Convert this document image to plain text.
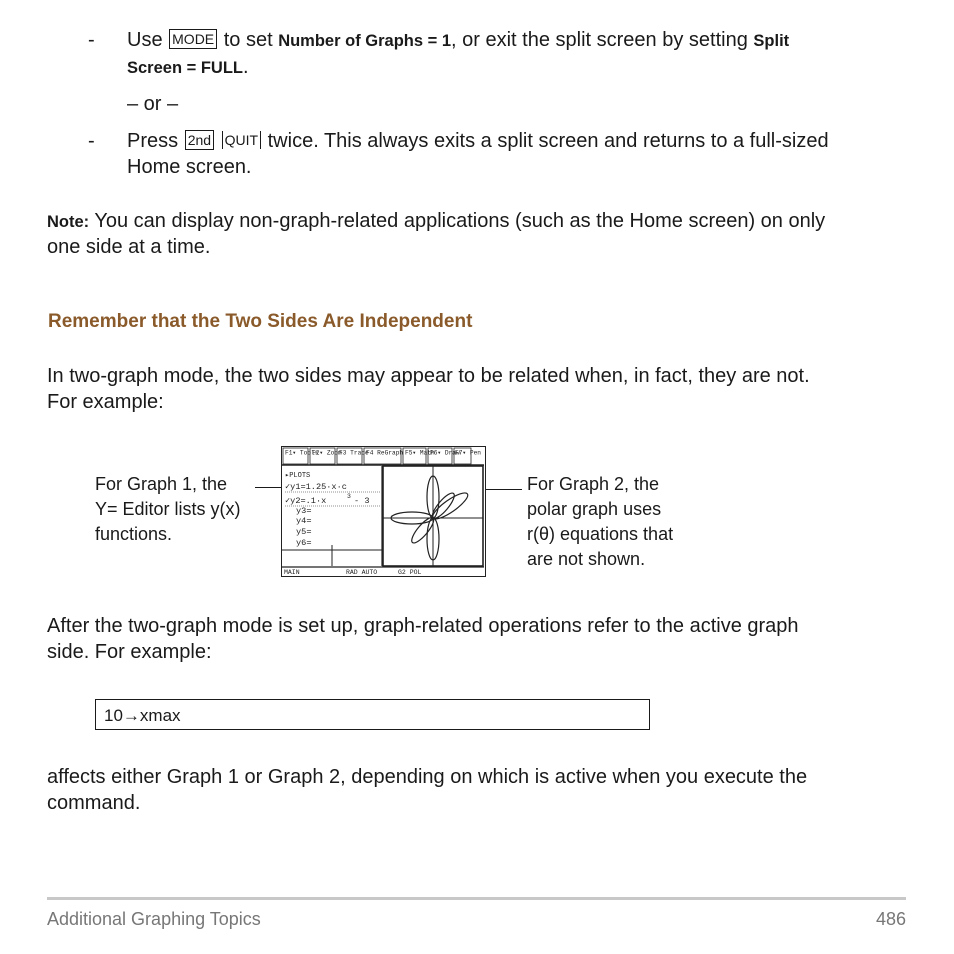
- Use MODE to set Number of Graphs = 1, or exit the split screen by setting Split
Screen = FULL.
– or –
- Press 2nd QUIT twice. This always exits a split screen and returns to a full-sized
Home screen.
Note: You can display non-graph-related applications (such as the Home screen) on only
one side at a time.
Remember that the Two Sides Are Independent
In two-graph mode, the two sides may appear to be related when, in fact, they are not.
For example:
For Graph 1, the
Y= Editor lists y(x)
functions.
For Graph 2, the
polar graph uses
r(θ) equations that
are not shown.
F1▾ Tools
F2▾ Zoom
F3 Trace
F4 ReGraph F5▾ Math
F6▾ Draw
F7▾ Pen
▸PLOTS
✓y1=1.25·x·c
✓y2=.1·x	3 - 3
y3=
y4=
y5=
y6=
MAIN	RAD AUTO	G2 POL
After the two-graph mode is set up, graph-related operations refer to the active graph
side. For example:
10→xmax
affects either Graph 1 or Graph 2, depending on which is active when you execute the
command.
Additional Graphing Topics	486
